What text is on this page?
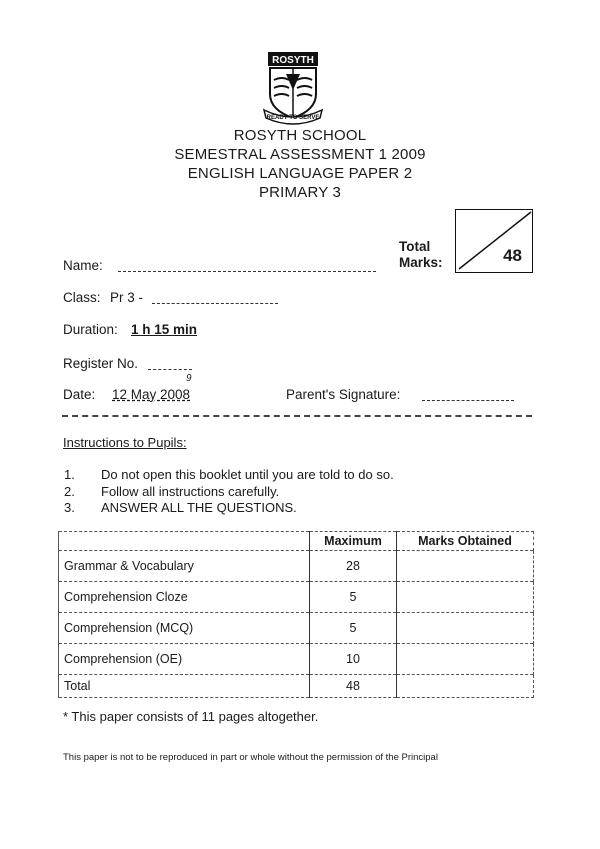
ROSYTH
READY TO SERVE
ROSYTH SCHOOL
SEMESTRAL ASSESSMENT 1 2009
ENGLISH LANGUAGE PAPER 2
PRIMARY 3
Total
Marks:	48
Name:
Class: Pr 3 -
Duration: 1 h 15 min
Register No.
Date: 12 May 2008
9
Parent's Signature:
Instructions to Pupils:
1. Do not open this booklet until you are told to do so.
2. Follow all instructions carefully.
3. ANSWER ALL THE QUESTIONS.
	Maximum	Marks Obtained
Grammar & Vocabulary	28	
Comprehension Cloze	5	
Comprehension (MCQ)	5	
Comprehension (OE)	10	
Total	48	
* This paper consists of 11 pages altogether.
This paper is not to be reproduced in part or whole without the permission of the Principal
